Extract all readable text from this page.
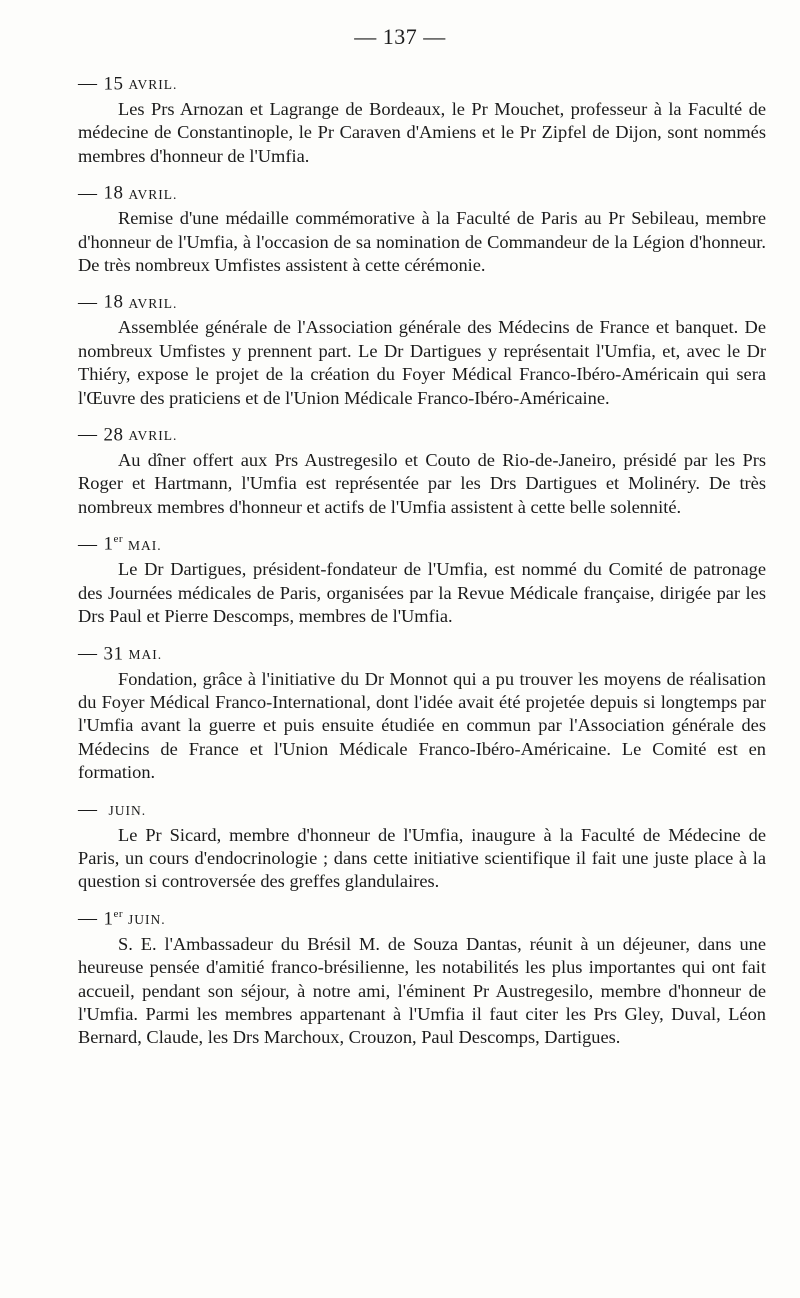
— 137 —
— 15 AVRIL.

Les Prs Arnozan et Lagrange de Bordeaux, le Pr Mouchet, professeur à la Faculté de médecine de Constantinople, le Pr Caraven d'Amiens et le Pr Zipfel de Dijon, sont nommés membres d'honneur de l'Umfia.

— 18 AVRIL.

Remise d'une médaille commémorative à la Faculté de Paris au Pr Sebileau, membre d'honneur de l'Umfia, à l'occasion de sa nomination de Commandeur de la Légion d'honneur. De très nombreux Umfistes assistent à cette cérémonie.

— 18 AVRIL.

Assemblée générale de l'Association générale des Médecins de France et banquet. De nombreux Umfistes y prennent part. Le Dr Dartigues y représentait l'Umfia, et, avec le Dr Thiéry, expose le projet de la création du Foyer Médical Franco-Ibéro-Américain qui sera l'Œuvre des praticiens et de l'Union Médicale Franco-Ibéro-Américaine.

— 28 AVRIL.

Au dîner offert aux Prs Austregesilo et Couto de Rio-de-Janeiro, présidé par les Prs Roger et Hartmann, l'Umfia est représentée par les Drs Dartigues et Molinéry. De très nombreux membres d'honneur et actifs de l'Umfia assistent à cette belle solennité.

— 1er MAI.

Le Dr Dartigues, président-fondateur de l'Umfia, est nommé du Comité de patronage des Journées médicales de Paris, organisées par la Revue Médicale française, dirigée par les Drs Paul et Pierre Descomps, membres de l'Umfia.

— 31 MAI.

Fondation, grâce à l'initiative du Dr Monnot qui a pu trouver les moyens de réalisation du Foyer Médical Franco-International, dont l'idée avait été projetée depuis si longtemps par l'Umfia avant la guerre et puis ensuite étudiée en commun par l'Association générale des Médecins de France et l'Union Médicale Franco-Ibéro-Américaine. Le Comité est en formation.

— JUIN.

Le Pr Sicard, membre d'honneur de l'Umfia, inaugure à la Faculté de Médecine de Paris, un cours d'endocrinologie ; dans cette initiative scientifique il fait une juste place à la question si controversée des greffes glandulaires.

— 1er JUIN.

S. E. l'Ambassadeur du Brésil M. de Souza Dantas, réunit à un déjeuner, dans une heureuse pensée d'amitié franco-brésilienne, les notabilités les plus importantes qui ont fait accueil, pendant son séjour, à notre ami, l'éminent Pr Austregesilo, membre d'honneur de l'Umfia. Parmi les membres appartenant à l'Umfia il faut citer les Prs Gley, Duval, Léon Bernard, Claude, les Drs Marchoux, Crouzon, Paul Descomps, Dartigues.
